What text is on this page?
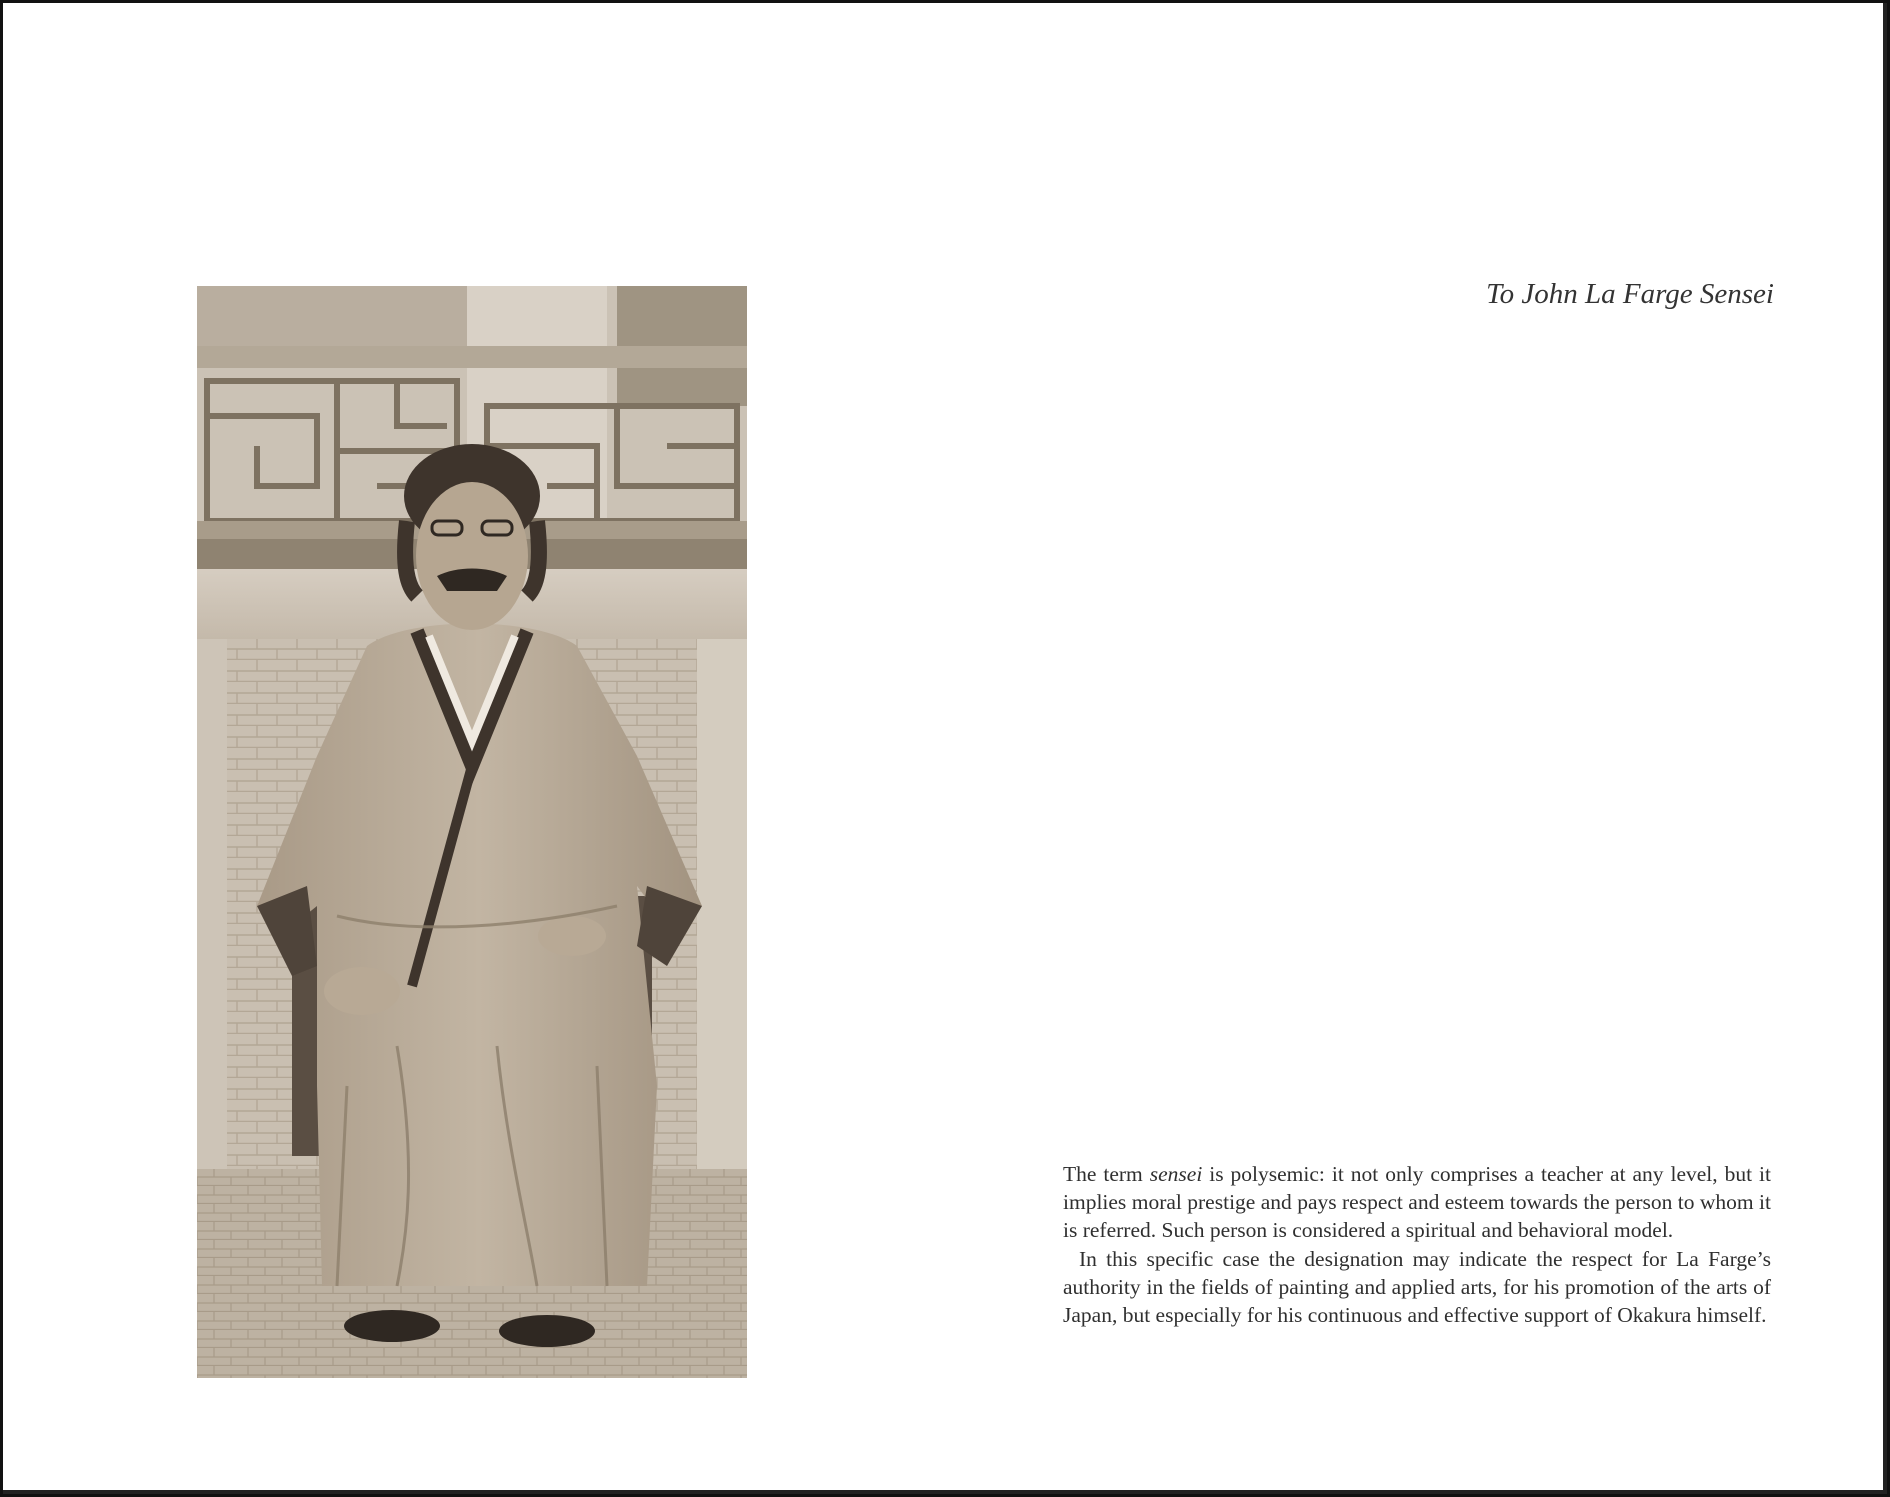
To John La Farge Sensei

The term sensei is polysemic: it not only comprises a teacher at any level, but it implies moral prestige and pays respect and esteem towards the person to whom it is referred. Such person is considered a spiritual and behavioral model.

In this specific case the designation may indicate the respect for La Farge’s authority in the fields of painting and applied arts, for his promotion of the arts of Japan, but especially for his continuous and effective support of Okakura himself.
